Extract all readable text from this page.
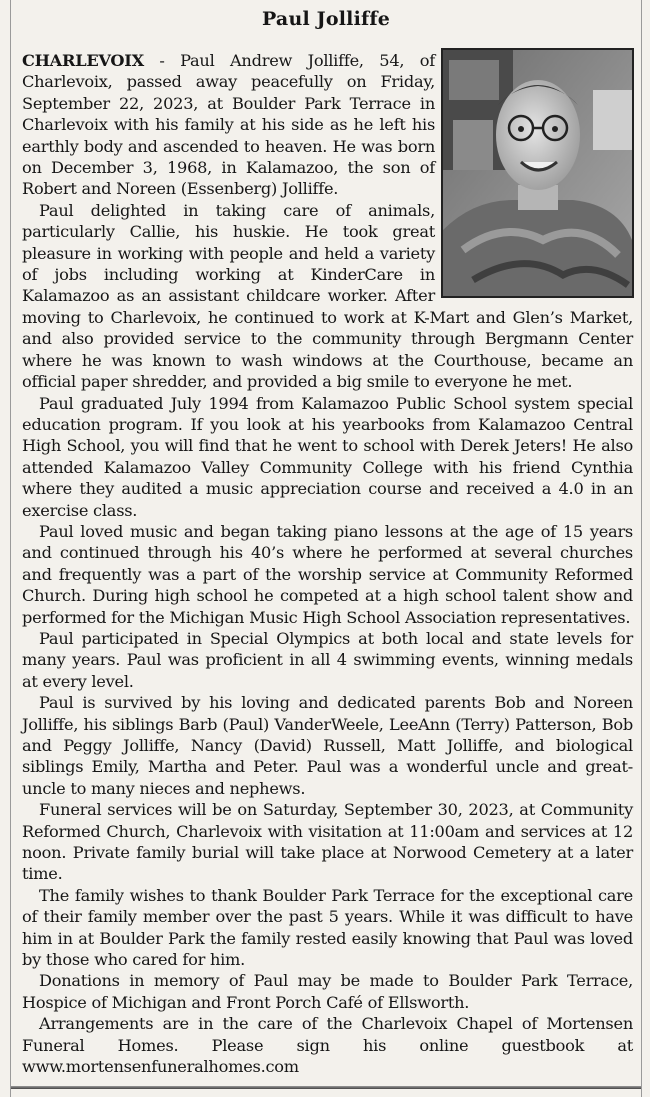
Paul Jolliffe

CHARLEVOIX - Paul Andrew Jolliffe, 54, of Charlevoix, passed away peacefully on Friday, September 22, 2023, at Boulder Park Terrace in Charlevoix with his family at his side as he left his earthly body and ascended to heaven. He was born on December 3, 1968, in Kalamazoo, the son of Robert and Noreen (Essenberg) Jolliffe.

Paul delighted in taking care of animals, particularly Callie, his huskie. He took great pleasure in working with people and held a variety of jobs including working at KinderCare in Kalamazoo as an assistant childcare worker. After moving to Charlevoix, he continued to work at K-Mart and Glen’s Market, and also provided service to the community through Bergmann Center where he was known to wash windows at the Courthouse, became an official paper shredder, and provided a big smile to everyone he met.

Paul graduated July 1994 from Kalamazoo Public School system special education program. If you look at his yearbooks from Kalamazoo Central High School, you will find that he went to school with Derek Jeters! He also attended Kalamazoo Valley Community College with his friend Cynthia where they audited a music appreciation course and received a 4.0 in an exercise class.

Paul loved music and began taking piano lessons at the age of 15 years and continued through his 40’s where he performed at several churches and frequently was a part of the worship service at Community Reformed Church. During high school he competed at a high school talent show and performed for the Michigan Music High School Association representatives.

Paul participated in Special Olympics at both local and state levels for many years. Paul was proficient in all 4 swimming events, winning medals at every level.

Paul is survived by his loving and dedicated parents Bob and Noreen Jolliffe, his siblings Barb (Paul) VanderWeele, LeeAnn (Terry) Patterson, Bob and Peggy Jolliffe, Nancy (David) Russell, Matt Jolliffe, and biological siblings Emily, Martha and Peter. Paul was a wonderful uncle and great-uncle to many nieces and nephews.

Funeral services will be on Saturday, September 30, 2023, at Community Reformed Church, Charlevoix with visitation at 11:00am and services at 12 noon. Private family burial will take place at Norwood Cemetery at a later time.

The family wishes to thank Boulder Park Terrace for the exceptional care of their family member over the past 5 years. While it was difficult to have him in at Boulder Park the family rested easily knowing that Paul was loved by those who cared for him.

Donations in memory of Paul may be made to Boulder Park Terrace, Hospice of Michigan and Front Porch Café of Ellsworth.

Arrangements are in the care of the Charlevoix Chapel of Mortensen Funeral Homes. Please sign his online guestbook at www.mortensenfuneralhomes.com
